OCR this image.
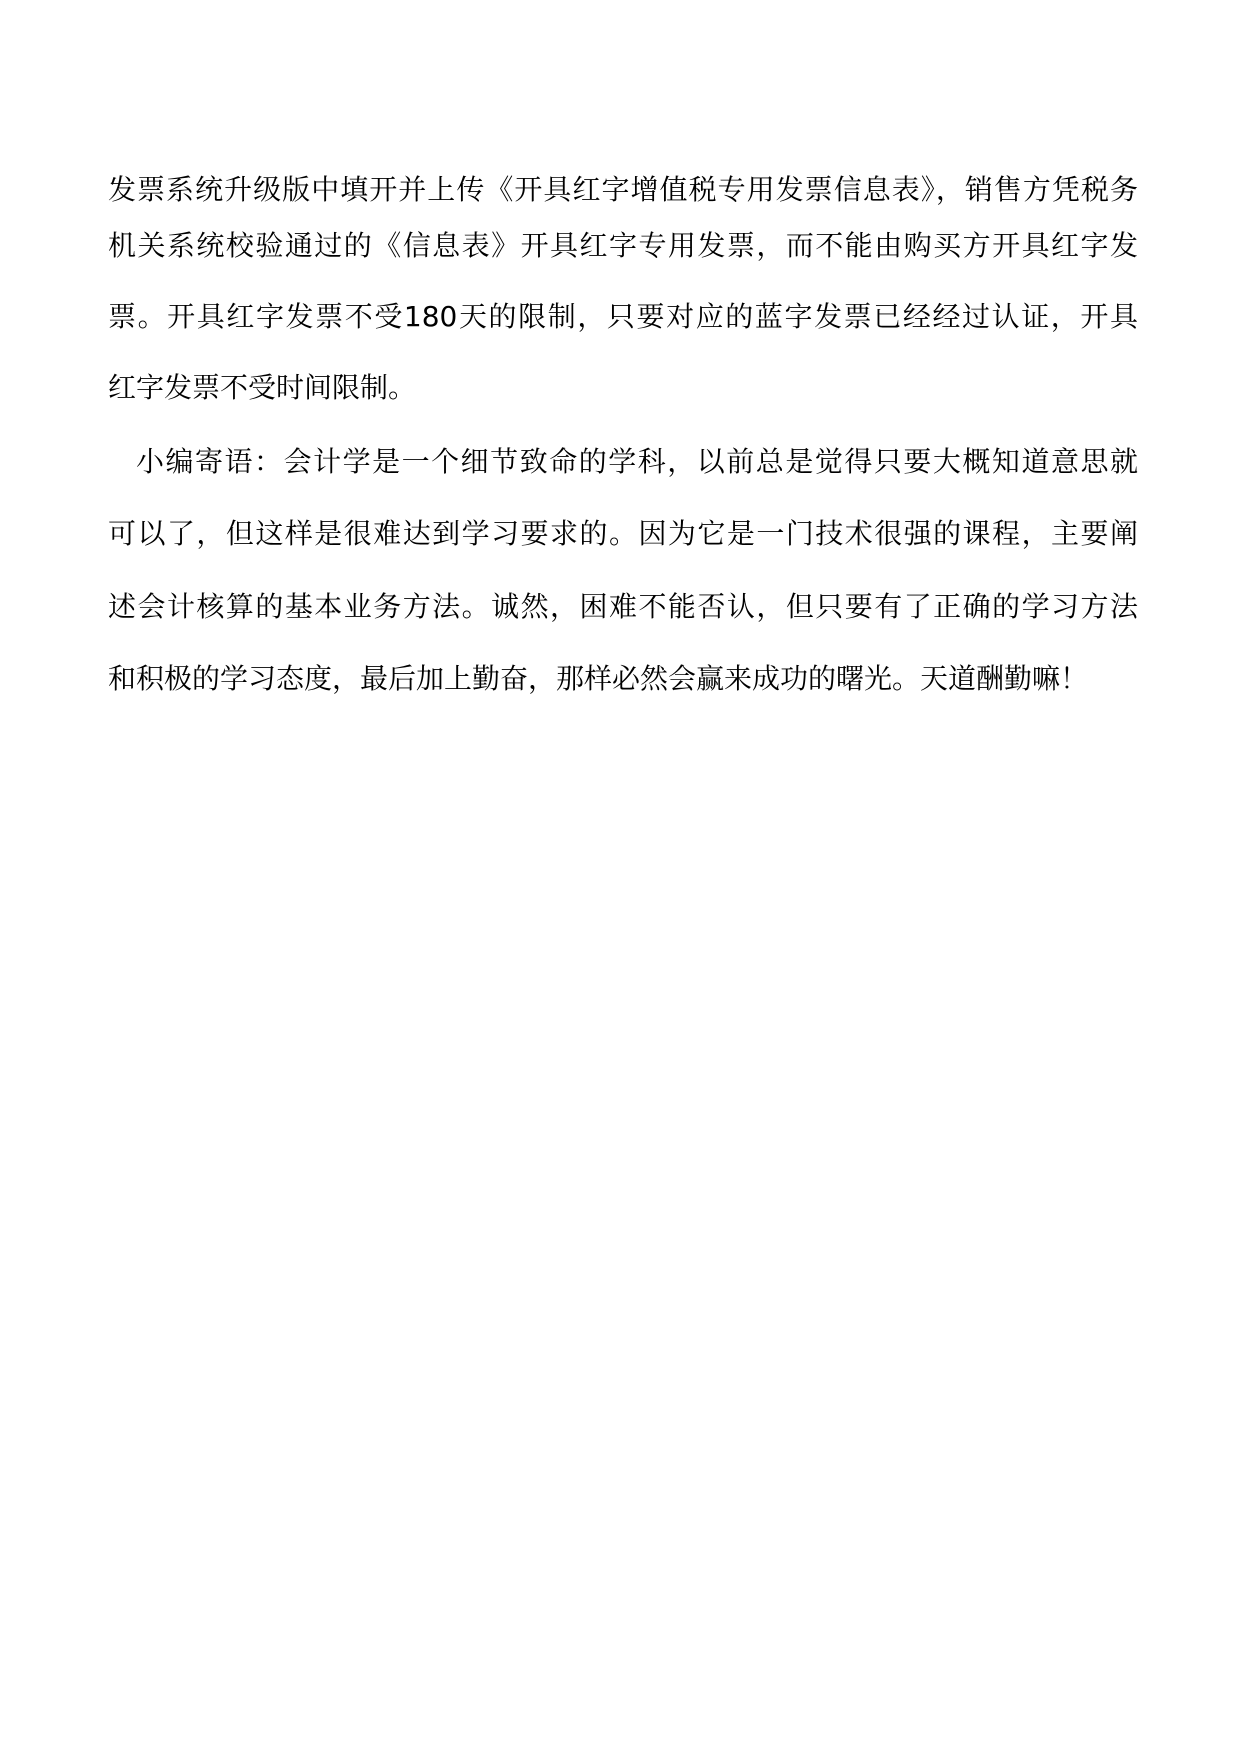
发票系统升级版中填开并上传《开具红字增值税专用发票信息表》，销售方凭税务
机关系统校验通过的《信息表》开具红字专用发票，而不能由购买方开具红字发
票。开具红字发票不受180天的限制，只要对应的蓝字发票已经经过认证，开具
红字发票不受时间限制。
小编寄语：会计学是一个细节致命的学科，以前总是觉得只要大概知道意思就
可以了，但这样是很难达到学习要求的。因为它是一门技术很强的课程，主要阐
述会计核算的基本业务方法。诚然，困难不能否认，但只要有了正确的学习方法
和积极的学习态度，最后加上勤奋，那样必然会赢来成功的曙光。天道酬勤嘛！
